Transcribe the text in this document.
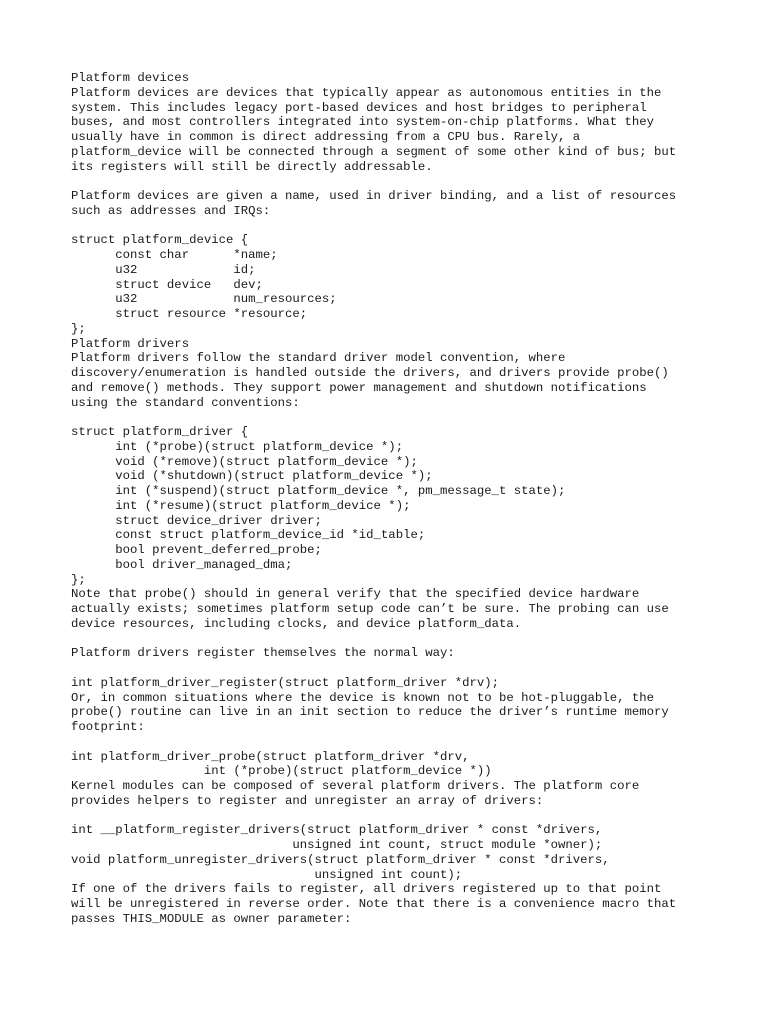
Platform devices
Platform devices are devices that typically appear as autonomous entities in the
system. This includes legacy port-based devices and host bridges to peripheral
buses, and most controllers integrated into system-on-chip platforms. What they
usually have in common is direct addressing from a CPU bus. Rarely, a
platform_device will be connected through a segment of some other kind of bus; but
its registers will still be directly addressable.

Platform devices are given a name, used in driver binding, and a list of resources
such as addresses and IRQs:

struct platform_device {
const char      *name;
u32             id;
struct device   dev;
u32             num_resources;
struct resource *resource;
};
Platform drivers
Platform drivers follow the standard driver model convention, where
discovery/enumeration is handled outside the drivers, and drivers provide probe()
and remove() methods. They support power management and shutdown notifications
using the standard conventions:

struct platform_driver {
int (*probe)(struct platform_device *);
void (*remove)(struct platform_device *);
void (*shutdown)(struct platform_device *);
int (*suspend)(struct platform_device *, pm_message_t state);
int (*resume)(struct platform_device *);
struct device_driver driver;
const struct platform_device_id *id_table;
bool prevent_deferred_probe;
bool driver_managed_dma;
};
Note that probe() should in general verify that the specified device hardware
actually exists; sometimes platform setup code can’t be sure. The probing can use
device resources, including clocks, and device platform_data.

Platform drivers register themselves the normal way:

int platform_driver_register(struct platform_driver *drv);
Or, in common situations where the device is known not to be hot-pluggable, the
probe() routine can live in an init section to reduce the driver’s runtime memory
footprint:

int platform_driver_probe(struct platform_driver *drv,
int (*probe)(struct platform_device *))
Kernel modules can be composed of several platform drivers. The platform core
provides helpers to register and unregister an array of drivers:

int __platform_register_drivers(struct platform_driver * const *drivers,
unsigned int count, struct module *owner);
void platform_unregister_drivers(struct platform_driver * const *drivers,
unsigned int count);
If one of the drivers fails to register, all drivers registered up to that point
will be unregistered in reverse order. Note that there is a convenience macro that
passes THIS_MODULE as owner parameter:
